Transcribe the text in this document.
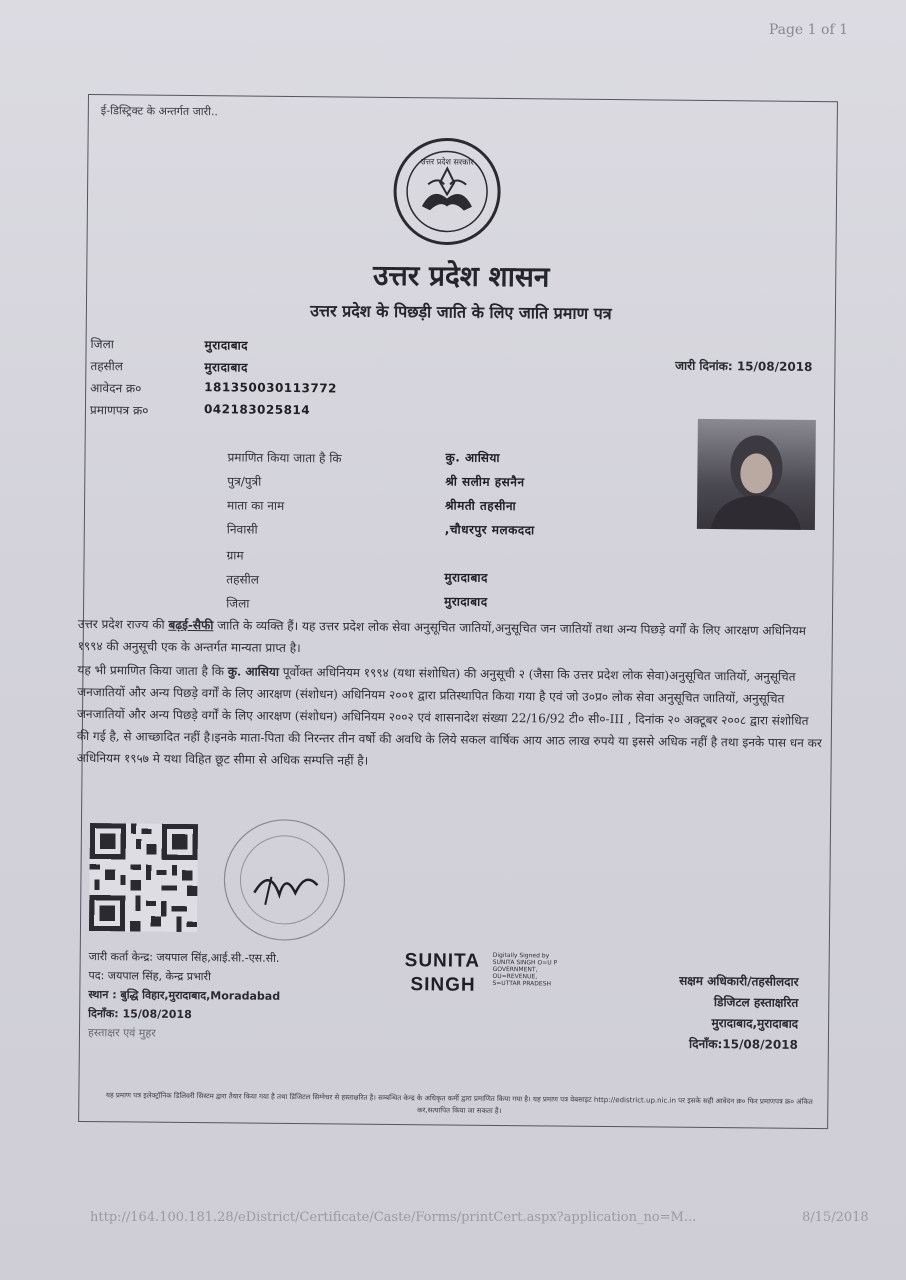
Page 1 of 1
ई-डिस्ट्रिक्ट के अन्तर्गत जारी..
उत्तर प्रदेश सरकार
उत्तर प्रदेश शासन
उत्तर प्रदेश के पिछड़ी जाति के लिए जाति प्रमाण पत्र
जिला	मुरादाबाद
तहसील	मुरादाबाद
आवेदन क्र०	181350030113772
प्रमाणपत्र क्र०	042183025814
जारी दिनांक: 15/08/2018
प्रमाणित किया जाता है कि	कु. आसिया
पुत्र/पुत्री	श्री सलीम हसनैन
माता का नाम	श्रीमती तहसीना
निवासी	,चौधरपुर मलकददा
ग्राम
तहसील	मुरादाबाद
जिला	मुरादाबाद
उत्तर प्रदेश राज्य की बढ़ई-सैफी जाति के व्यक्ति हैं। यह उत्तर प्रदेश लोक सेवा अनुसूचित जातियों,अनुसूचित जन जातियों तथा अन्य पिछड़े वर्गों के लिए आरक्षण अधिनियम १९९४ की अनुसूची एक के अन्तर्गत मान्यता प्राप्त है।
यह भी प्रमाणित किया जाता है कि कु. आसिया पूर्वोक्त अधिनियम १९९४ (यथा संशोधित) की अनुसूची २ (जैसा कि उत्तर प्रदेश लोक सेवा)अनुसूचित जातियों, अनुसूचित जनजातियों और अन्य पिछड़े वर्गों के लिए आरक्षण (संशोधन) अधिनियम २००१ द्वारा प्रतिस्थापित किया गया है एवं जो उ०प्र० लोक सेवा अनुसूचित जातियों, अनुसूचित जनजातियों और अन्य पिछड़े वर्गों के लिए आरक्षण (संशोधन) अधिनियम २००२ एवं शासनादेश संख्या 22/16/92 टी० सी०-III , दिनांक २० अक्टूबर २००८ द्वारा संशोधित की गई है, से आच्छादित नहीं है।इनके माता-पिता की निरन्तर तीन वर्षो की अवधि के लिये सकल वार्षिक आय आठ लाख रुपये या इससे अधिक नहीं है तथा इनके पास धन कर अधिनियम १९५७ मे यथा विहित छूट सीमा से अधिक सम्पत्ति नहीं है।
जारी कर्ता केन्द्र: जयपाल सिंह,आई.सी.-एस.सी.
पद: जयपाल सिंह, केन्द्र प्रभारी
स्थान : बुद्धि विहार,मुरादाबाद,Moradabad
दिनाँक: 15/08/2018
हस्ताक्षर एवं मुहर
SUNITA
SINGH
Digitally Signed by
SUNITA SINGH O=U P
GOVERNMENT,
OU=REVENUE,
S=UTTAR PRADESH	सक्षम अधिकारी/तहसीलदार
डिजिटल हस्ताक्षरित
मुरादाबाद,मुरादाबाद
दिनाँक:15/08/2018
यह प्रमाण पत्र इलेक्ट्रॉनिक डिलिवरी सिस्टम द्वारा तैयार किया गया है तथा डिजिटल सिग्नेचर से हस्ताक्षरित है। सम्बन्धित केन्द्र के अधिकृत कर्मी द्वारा प्रमाणित किया गया है। यह प्रमाण पत्र वेबसाइट http://edistrict.up.nic.in पर इसके सही आवेदन क्र० फिर प्रमाणपत्र क्र० अंकित कर,सत्यापित किया जा सकता है।
http://164.100.181.28/eDistrict/Certificate/Caste/Forms/printCert.aspx?application_no=M...	8/15/2018
